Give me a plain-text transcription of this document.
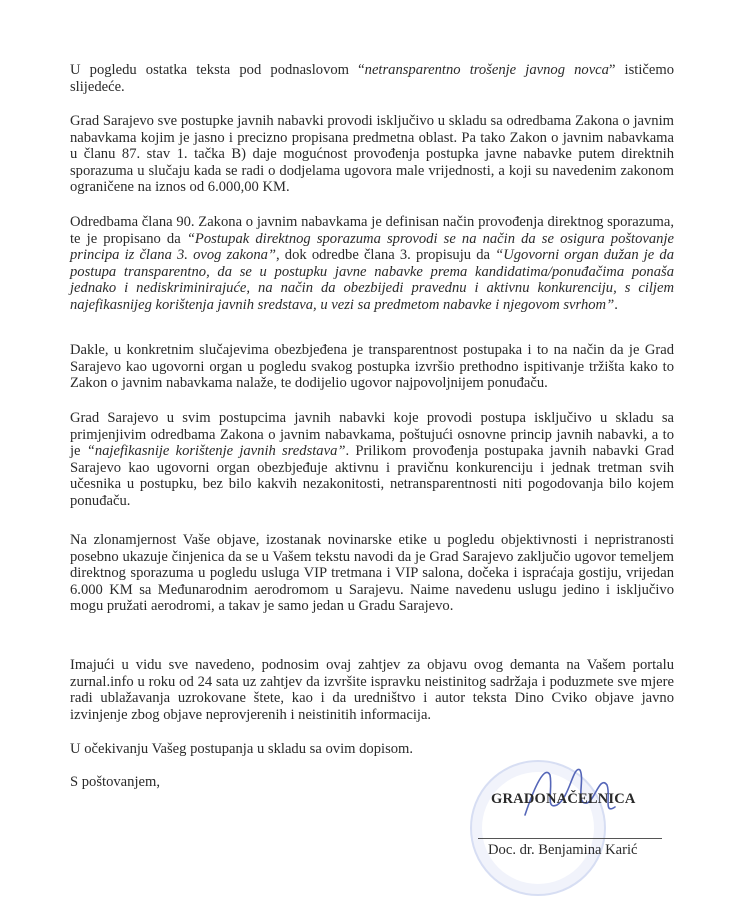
U pogledu ostatka teksta pod podnaslovom “netransparentno trošenje javnog novca” ističemo slijedeće.

Grad Sarajevo sve postupke javnih nabavki provodi isključivo u skladu sa odredbama Zakona o javnim nabavkama kojim je jasno i precizno propisana predmetna oblast. Pa tako Zakon o javnim nabavkama u članu 87. stav 1. tačka B) daje mogućnost provođenja postupka javne nabavke putem direktnih sporazuma u slučaju kada se radi o dodjelama ugovora male vrijednosti, a koji su navedenim zakonom ograničene na iznos od 6.000,00 KM.

Odredbama člana 90. Zakona o javnim nabavkama je definisan način provođenja direktnog sporazuma, te je propisano da “Postupak direktnog sporazuma sprovodi se na način da se osigura poštovanje principa iz člana 3. ovog zakona”, dok odredbe člana 3. propisuju da “Ugovorni organ dužan je da postupa transparentno, da se u postupku javne nabavke prema kandidatima/ponuđačima ponaša jednako i nediskriminirajuće, na način da obezbijedi pravednu i aktivnu konkurenciju, s ciljem najefikasnijeg korištenja javnih sredstava, u vezi sa predmetom nabavke i njegovom svrhom”.

Dakle, u konkretnim slučajevima obezbjeđena je transparentnost postupaka i to na način da je Grad Sarajevo kao ugovorni organ u pogledu svakog postupka izvršio prethodno ispitivanje tržišta kako to Zakon o javnim nabavkama nalaže, te dodijelio ugovor najpovoljnijem ponuđaču.

Grad Sarajevo u svim postupcima javnih nabavki koje provodi postupa isključivo u skladu sa primjenjivim odredbama Zakona o javnim nabavkama, poštujući osnovne princip javnih nabavki, a to je “najefikasnije korištenje javnih sredstava”. Prilikom provođenja postupaka javnih nabavki Grad Sarajevo kao ugovorni organ obezbjeđuje aktivnu i pravičnu konkurenciju i jednak tretman svih učesnika u postupku, bez bilo kakvih nezakonitosti, netransparentnosti niti pogodovanja bilo kojem ponuđaču.

Na zlonamjernost Vaše objave, izostanak novinarske etike u pogledu objektivnosti i nepristranosti posebno ukazuje činjenica da se u Vašem tekstu navodi da je Grad Sarajevo zaključio ugovor temeljem direktnog sporazuma u pogledu usluga VIP tretmana i VIP salona, dočeka i ispraćaja gostiju, vrijedan 6.000 KM sa Međunarodnim aerodromom u Sarajevu. Naime navedenu uslugu jedino i isključivo mogu pružati aerodromi, a takav je samo jedan u Gradu Sarajevo.

Imajući u vidu sve navedeno, podnosim ovaj zahtjev za objavu ovog demanta na Vašem portalu zurnal.info u roku od 24 sata uz zahtjev da izvršite ispravku neistinitog sadržaja i poduzmete sve mjere radi ublažavanja uzrokovane štete, kao i da uredništvo i autor teksta Dino Cviko objave javno izvinjenje zbog objave neprovjerenih i neistinitih informacija.

U očekivanju Vašeg postupanja u skladu sa ovim dopisom.

S poštovanjem,

GRADONAČELNICA

Doc. dr. Benjamina Karić
